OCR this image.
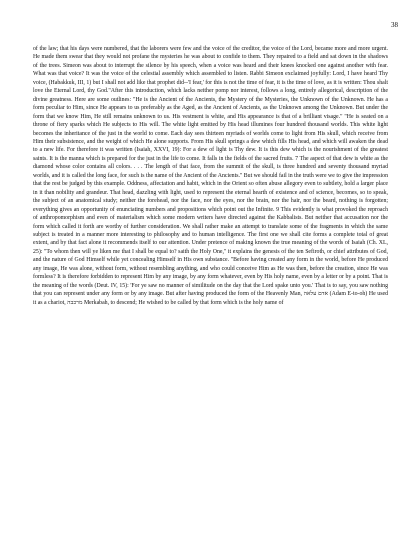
38

of the law; that his days were numbered, that the laborers were few and the voice of the creditor, the voice of the Lord, became more and more urgent. He made them swear that they would not profane the mysteries he was about to confide to them. They repaired to a field and sat down in the shadows of the trees. Simeon was about to interrupt the silence by his speech, when a voice was heard and their knees knocked one against another with fear. What was that voice? It was the voice of the celestial assembly which assembled to listen. Rabbi Simeon exclaimed joyfully: Lord, I have heard Thy voice, (Habakkuk, III, 1) but I shall not add like that prophet did--'I fear,' for this is not the time of fear, it is the time of love, as it is written: Thou shalt love the Eternal Lord, thy God."After this introduction, which lacks neither pomp nor interest, follows a long, entirely allegorical, description of the divine greatness. Here are some outlines: "He is the Ancient of the Ancients, the Mystery of the Mysteries, the Unknown of the Unknown. He has a form peculiar to Him, since He appears to us preferably as the Aged, as the Ancient of Ancients, as the Unknown among the Unknown. But under the form that we know Him, He still remains unknown to us. His vestment is white, and His appearance is that of a brilliant visage." "He is seated on a throne of fiery sparks which He subjects to His will. The white light emitted by His head illumines four hundred thousand worlds. This white light becomes the inheritance of the just in the world to come. Each day sees thirteen myriads of worlds come to light from His skull, which receive from Him their subsistence, and the weight of which He alone supports. From His skull springs a dew which fills His head, and which will awaken the dead to a new life. For therefore it was written (Isaiah, XXVI, 19): For a dew of light is Thy dew. It is this dew which is the nourishment of the greatest saints. It is the manna which is prepared for the just in the life to come. It falls in the fields of the sacred fruits. 7 The aspect of that dew is white as the diamond whose color contains all colors. . . . The length of that face, from the summit of the skull, is three hundred and seventy thousand myriad worlds, and it is called the long face, for such is the name of the Ancient of the Ancients." But we should fail in the truth were we to give the impression that the rest be judged by this example. Oddness, affectation and habit, which in the Orient so often abuse allegory even to subtlety, hold a larger place in it than nobility and grandeur. That head, dazzling with light, used to represent the eternal hearth of existence and of science, becomes, so to speak, the subject of an anatomical study; neither the forehead, nor the face, nor the eyes, nor the brain, nor the hair, nor the beard, nothing is forgotten; everything gives an opportunity of enunciating numbers and propositions which point out the Infinite. 9 This evidently is what provoked the reproach of anthropomorphism and even of materialism which some modern writers have directed against the Kabbalists. But neither that accusation nor the form which called it forth are worthy of further consideration. We shall rather make an attempt to translate some of the fragments in which the same subject is treated in a manner more interesting to philosophy and to human intelligence. The first one we shall cite forms a complete total of great extent, and by that fact alone it recommends itself to our attention. Under pretence of making known the true meaning of the words of Isaiah (Ch. XL, 25): "To whom then will ye liken me that I shall be equal to? saith the Holy One," it explains the genesis of the ten Sefiroth, or chief attributes of God, and the nature of God Himself while yet concealing Himself in His own substance. "Before having created any form in the world, before He produced any image, He was alone, without form, without resembling anything, and who could conceive Him as He was then, before the creation, since He was formless? It is therefore forbidden to represent Him by any image, by any form whatever, even by His holy name, even by a letter or by a point. That is the meaning of the words (Deut. IV, 15): 'For ye saw no manner of similitude on the day that the Lord spake unto you.' That is to say, you saw nothing that you can represent under any form or by any image. But after having produced the form of the Heavenly Man, אדם עלאה (Adam E-to-oh) He used it as a chariot, מרכבה Merkabah, to descend; He wished to be called by that form which is the holy name of
